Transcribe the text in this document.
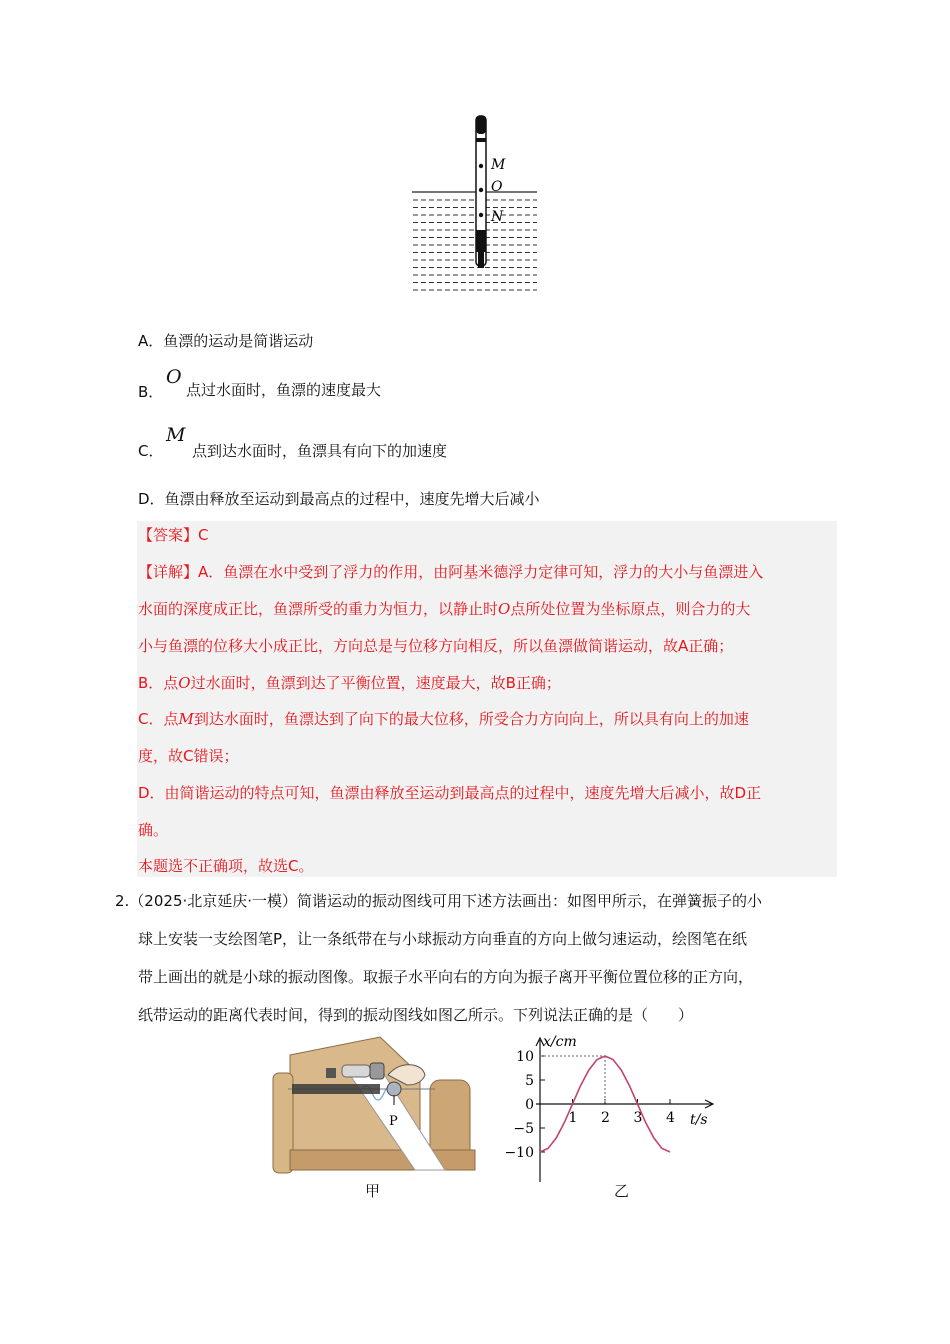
M
O
N
A．鱼漂的运动是简谐运动
B．
O
点过水面时，鱼漂的速度最大
C．
M
点到达水面时，鱼漂具有向下的加速度
D．鱼漂由释放至运动到最高点的过程中，速度先增大后减小
【答案】C
【详解】A．鱼漂在水中受到了浮力的作用，由阿基米德浮力定律可知，浮力的大小与鱼漂进入
水面的深度成正比，鱼漂所受的重力为恒力，以静止时O点所处位置为坐标原点，则合力的大
小与鱼漂的位移大小成正比，方向总是与位移方向相反，所以鱼漂做简谐运动，故A正确；
B．点O过水面时，鱼漂到达了平衡位置，速度最大，故B正确；
C．点M到达水面时，鱼漂达到了向下的最大位移，所受合力方向向上，所以具有向上的加速
度，故C错误；
D．由简谐运动的特点可知，鱼漂由释放至运动到最高点的过程中，速度先增大后减小，故D正
确。
本题选不正确项，故选C。
2.（2025·北京延庆·一模）简谐运动的振动图线可用下述方法画出：如图甲所示，在弹簧振子的小
球上安装一支绘图笔P，让一条纸带在与小球振动方向垂直的方向上做匀速运动，绘图笔在纸
带上画出的就是小球的振动图像。取振子水平向右的方向为振子离开平衡位置位移的正方向，
纸带运动的距离代表时间，得到的振动图线如图乙所示。下列说法正确的是（　　）
P
甲
x/cm
t/s
10
5
0
−5
−10
1 2 3 4
乙
